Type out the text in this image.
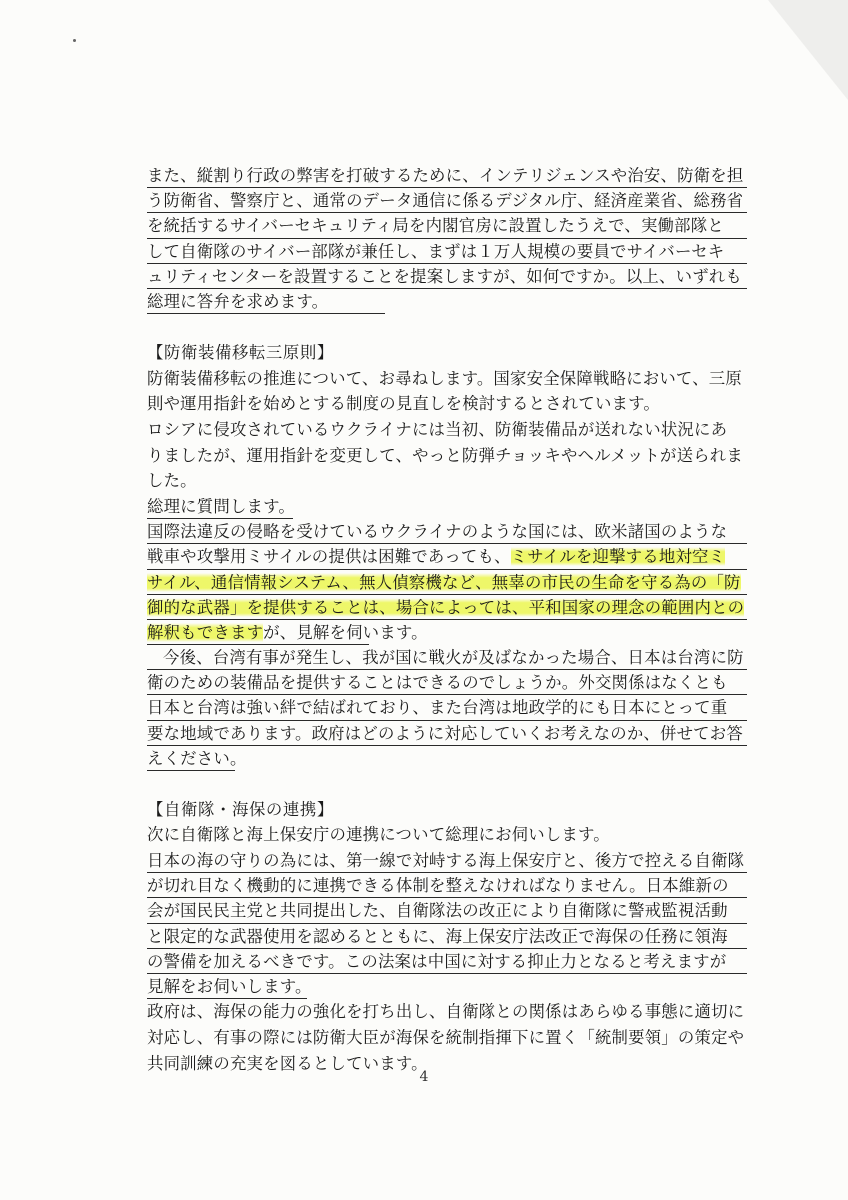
また、縦割り行政の弊害を打破するために、インテリジェンスや治安、防衛を担
う防衛省、警察庁と、通常のデータ通信に係るデジタル庁、経済産業省、総務省
を統括するサイバーセキュリティ局を内閣官房に設置したうえで、実働部隊と
して自衛隊のサイバー部隊が兼任し、まずは１万人規模の要員でサイバーセキ
ュリティセンターを設置することを提案しますが、如何ですか。以上、いずれも
総理に答弁を求めます。
【防衛装備移転三原則】
防衛装備移転の推進について、お尋ねします。国家安全保障戦略において、三原
則や運用指針を始めとする制度の見直しを検討するとされています。
ロシアに侵攻されているウクライナには当初、防衛装備品が送れない状況にあ
りましたが、運用指針を変更して、やっと防弾チョッキやヘルメットが送られま
した。
総理に質問します。
国際法違反の侵略を受けているウクライナのような国には、欧米諸国のような
戦車や攻撃用ミサイルの提供は困難であっても、ミサイルを迎撃する地対空ミ
サイル、通信情報システム、無人偵察機など、無辜の市民の生命を守る為の「防
御的な武器」を提供することは、場合によっては、平和国家の理念の範囲内との
解釈もできますが、見解を伺います。
今後、台湾有事が発生し、我が国に戦火が及ばなかった場合、日本は台湾に防
衛のための装備品を提供することはできるのでしょうか。外交関係はなくとも
日本と台湾は強い絆で結ばれており、また台湾は地政学的にも日本にとって重
要な地域であります。政府はどのように対応していくお考えなのか、併せてお答
えください。
【自衛隊・海保の連携】
次に自衛隊と海上保安庁の連携について総理にお伺いします。
日本の海の守りの為には、第一線で対峙する海上保安庁と、後方で控える自衛隊
が切れ目なく機動的に連携できる体制を整えなければなりません。日本維新の
会が国民民主党と共同提出した、自衛隊法の改正により自衛隊に警戒監視活動
と限定的な武器使用を認めるとともに、海上保安庁法改正で海保の任務に領海
の警備を加えるべきです。この法案は中国に対する抑止力となると考えますが
見解をお伺いします。
政府は、海保の能力の強化を打ち出し、自衛隊との関係はあらゆる事態に適切に
対応し、有事の際には防衛大臣が海保を統制指揮下に置く「統制要領」の策定や
共同訓練の充実を図るとしています。
4
